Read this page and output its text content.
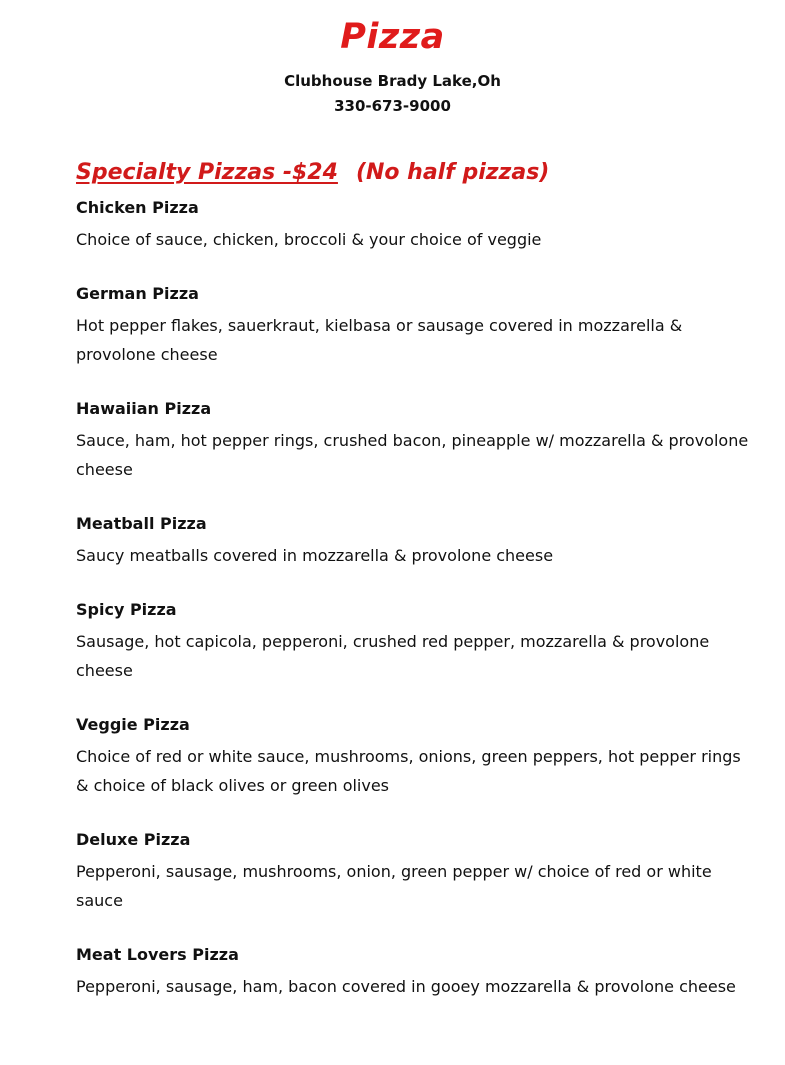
Pizza
Clubhouse Brady Lake,Oh
330-673-9000
Specialty Pizzas -$24 (No half pizzas)
Chicken Pizza
Choice of sauce, chicken, broccoli & your choice of veggie
German Pizza
Hot pepper flakes, sauerkraut, kielbasa or sausage covered in mozzarella & provolone cheese
Hawaiian Pizza
Sauce, ham, hot pepper rings, crushed bacon, pineapple w/ mozzarella & provolone cheese
Meatball Pizza
Saucy meatballs covered in mozzarella & provolone cheese
Spicy Pizza
Sausage, hot capicola, pepperoni, crushed red pepper, mozzarella & provolone cheese
Veggie Pizza
Choice of red or white sauce, mushrooms, onions, green peppers, hot pepper rings & choice of black olives or green olives
Deluxe Pizza
Pepperoni, sausage, mushrooms, onion, green pepper w/ choice of red or white sauce
Meat Lovers Pizza
Pepperoni, sausage, ham, bacon covered in gooey mozzarella & provolone cheese
